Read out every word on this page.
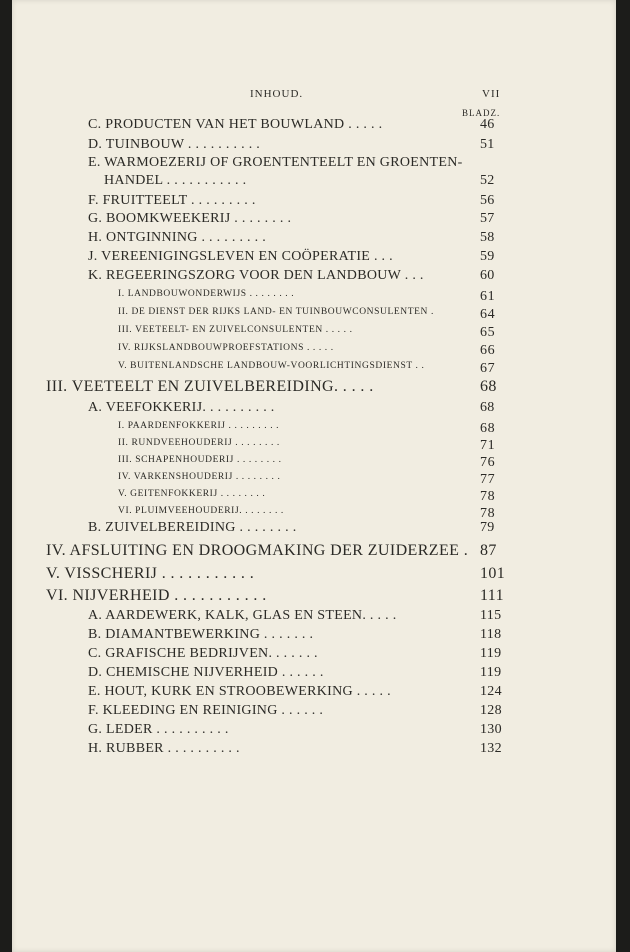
INHOUD.	VII
BLADZ.
C. PRODUCTEN VAN HET BOUWLAND . . . . .	46
D. TUINBOUW . . . . . . . . . .	51
E. WARMOEZERIJ OF GROENTENTEELT EN GROENTEN-
HANDEL . . . . . . . . . . .	52
F. FRUITTEELT . . . . . . . . .	56
G. BOOMKWEEKERIJ . . . . . . . .	57
H. ONTGINNING . . . . . . . . .	58
J. VEREENIGINGSLEVEN EN COÖPERATIE . . .	59
K. REGEERINGSZORG VOOR DEN LANDBOUW . . .	60
I. LANDBOUWONDERWIJS . . . . . . . .	61
II. DE DIENST DER RIJKS LAND- EN TUINBOUWCONSULENTEN .	64
III. VEETEELT- EN ZUIVELCONSULENTEN . . . . .	65
IV. RIJKSLANDBOUWPROEFSTATIONS . . . . .	66
V. BUITENLANDSCHE LANDBOUW-VOORLICHTINGSDIENST . .	67
III. VEETEELT EN ZUIVELBEREIDING. . . . .	68
A. VEEFOKKERIJ. . . . . . . . . .	68
I. PAARDENFOKKERIJ . . . . . . . . .	68
II. RUNDVEEHOUDERIJ . . . . . . . .	71
III. SCHAPENHOUDERIJ . . . . . . . .	76
IV. VARKENSHOUDERIJ . . . . . . . .	77
V. GEITENFOKKERIJ . . . . . . . .	78
VI. PLUIMVEEHOUDERIJ. . . . . . . .	78
B. ZUIVELBEREIDING . . . . . . . .	79
IV. AFSLUITING EN DROOGMAKING DER ZUIDERZEE . 87
V. VISSCHERIJ . . . . . . . . . . .	101
VI. NIJVERHEID . . . . . . . . . . .	111
A. AARDEWERK, KALK, GLAS EN STEEN. . . . .	115
B. DIAMANTBEWERKING . . . . . . .	118
C. GRAFISCHE BEDRIJVEN. . . . . . .	119
D. CHEMISCHE NIJVERHEID . . . . . .	119
E. HOUT, KURK EN STROOBEWERKING . . . . .	124
F. KLEEDING EN REINIGING . . . . . .	128
G. LEDER . . . . . . . . . .	130
H. RUBBER . . . . . . . . . .	132
